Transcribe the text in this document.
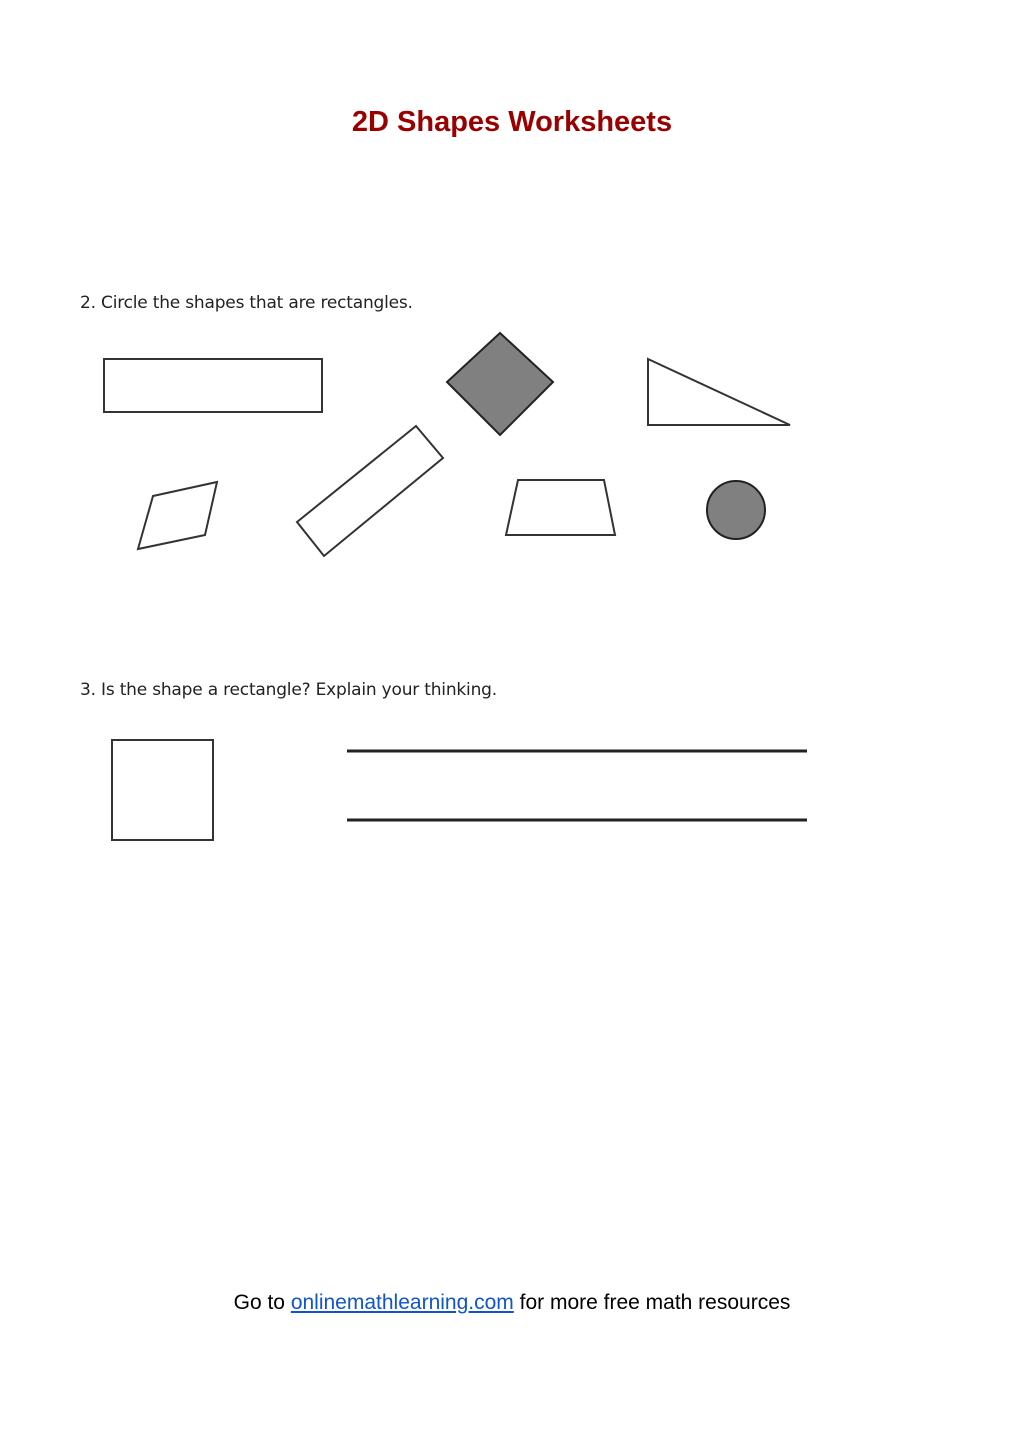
2D Shapes Worksheets

2. Circle the shapes that are rectangles.

3. Is the shape a rectangle? Explain your thinking.

Go to onlinemathlearning.com for more free math resources
